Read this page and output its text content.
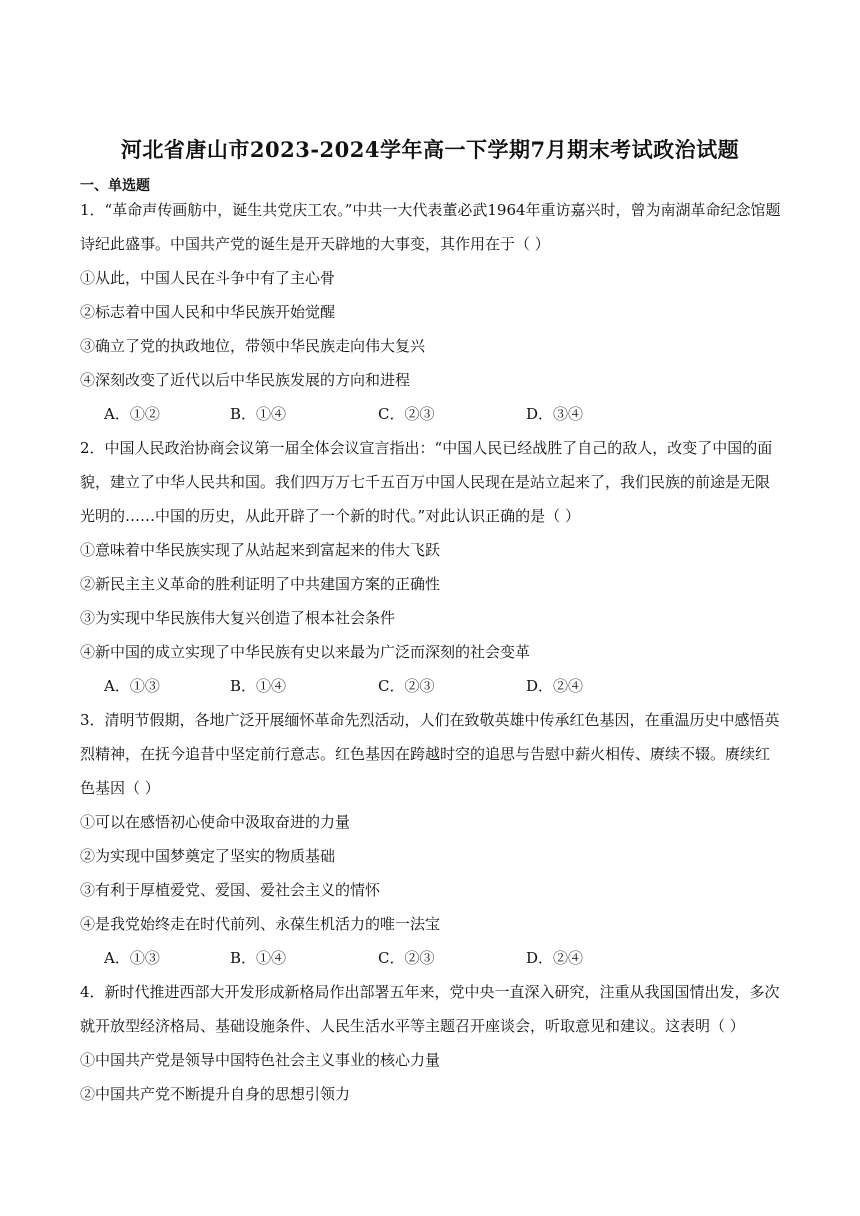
河北省唐山市2023-2024学年高一下学期7月期末考试政治试题
一、单选题
1．“革命声传画舫中，诞生共党庆工农。”中共一大代表董必武1964年重访嘉兴时，曾为南湖革命纪念馆题
诗纪此盛事。中国共产党的诞生是开天辟地的大事变，其作用在于（ ）
①从此，中国人民在斗争中有了主心骨
②标志着中国人民和中华民族开始觉醒
③确立了党的执政地位，带领中华民族走向伟大复兴
④深刻改变了近代以后中华民族发展的方向和进程
A．①②	B．①④	C．②③	D．③④
2．中国人民政治协商会议第一届全体会议宣言指出：“中国人民已经战胜了自己的敌人，改变了中国的面
貌，建立了中华人民共和国。我们四万万七千五百万中国人民现在是站立起来了，我们民族的前途是无限
光明的……中国的历史，从此开辟了一个新的时代。”对此认识正确的是（ ）
①意味着中华民族实现了从站起来到富起来的伟大飞跃
②新民主主义革命的胜利证明了中共建国方案的正确性
③为实现中华民族伟大复兴创造了根本社会条件
④新中国的成立实现了中华民族有史以来最为广泛而深刻的社会变革
A．①③	B．①④	C．②③	D．②④
3．清明节假期，各地广泛开展缅怀革命先烈活动，人们在致敬英雄中传承红色基因，在重温历史中感悟英
烈精神，在抚今追昔中坚定前行意志。红色基因在跨越时空的追思与告慰中薪火相传、赓续不辍。赓续红
色基因（ ）
①可以在感悟初心使命中汲取奋进的力量
②为实现中国梦奠定了坚实的物质基础
③有利于厚植爱党、爱国、爱社会主义的情怀
④是我党始终走在时代前列、永葆生机活力的唯一法宝
A．①③	B．①④	C．②③	D．②④
4．新时代推进西部大开发形成新格局作出部署五年来，党中央一直深入研究，注重从我国国情出发，多次
就开放型经济格局、基础设施条件、人民生活水平等主题召开座谈会，听取意见和建议。这表明（ ）
①中国共产党是领导中国特色社会主义事业的核心力量
②中国共产党不断提升自身的思想引领力
